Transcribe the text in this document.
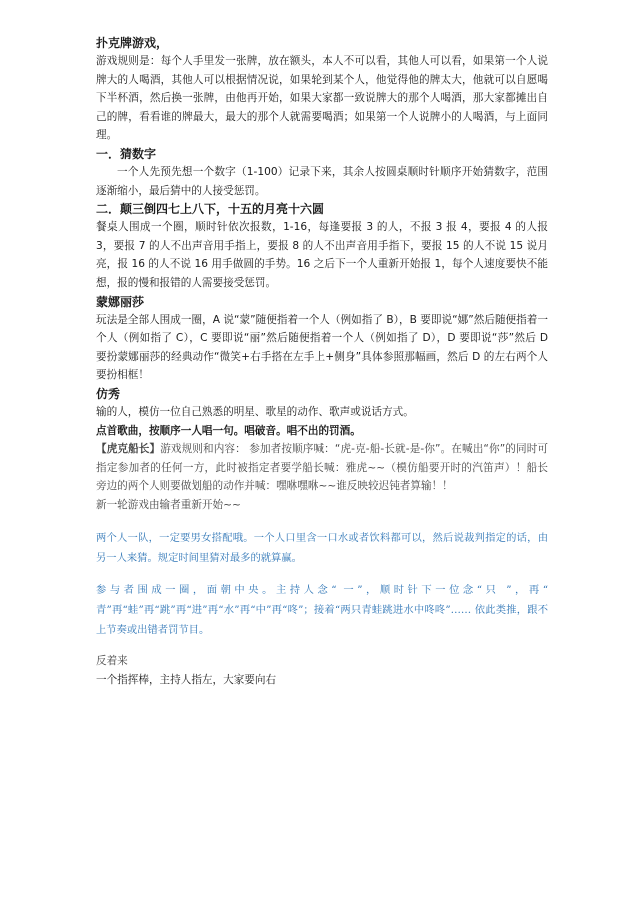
扑克牌游戏，

游戏规则是：每个人手里发一张牌，放在额头，本人不可以看，其他人可以看，如果第一个人说牌大的人喝酒，其他人可以根据情况说，如果轮到某个人，他觉得他的牌太大，他就可以自愿喝下半杯酒，然后换一张牌，由他再开始，如果大家都一致说牌大的那个人喝酒，那大家都摊出自己的牌，看看谁的牌最大，最大的那个人就需要喝酒；如果第一个人说牌小的人喝酒，与上面同理。

一．猜数字

一个人先预先想一个数字（1-100）记录下来，其余人按圆桌顺时针顺序开始猜数字，范围逐渐缩小，最后猜中的人接受惩罚。

二．颠三倒四七上八下，十五的月亮十六圆

餐桌人围成一个圈，顺时针依次报数，1-16，每逢要报 3 的人，不报 3 报 4，要报 4 的人报 3，要报 7 的人不出声音用手指上，要报 8 的人不出声音用手指下，要报 15 的人不说 15 说月亮，报 16 的人不说 16 用手做圆的手势。16 之后下一个人重新开始报 1，每个人速度要快不能想，报的慢和报错的人需要接受惩罚。

蒙娜丽莎

玩法是全部人围成一圈，A 说“蒙”随便指着一个人（例如指了 B），B 要即说“娜”然后随便指着一个人（例如指了 C），C 要即说“丽”然后随便指着一个人（例如指了 D），D 要即说“莎”然后 D 要扮蒙娜丽莎的经典动作“微笑+右手搭在左手上+侧身”具体参照那幅画，然后 D 的左右两个人要扮相框！

仿秀

输的人，模仿一位自己熟悉的明星、歌星的动作、歌声或说话方式。

点首歌曲，按顺序一人唱一句。唱破音。唱不出的罚酒。

【虎克船长】游戏规则和内容： 参加者按顺序喊：“虎-克-船-长就-是-你”。在喊出“你”的同时可指定参加者的任何一方，此时被指定者要学船长喊：雅虎~~（模仿船要开时的汽笛声）！船长旁边的两个人则要做划船的动作并喊：嘿咻嘿咻~~谁反映较迟钝者算输！！

新一轮游戏由输者重新开始~~

两个人一队，一定要男女搭配哦。一个人口里含一口水或者饮料都可以，然后说裁判指定的话，由另一人来猜。规定时间里猜对最多的就算赢。

参与者围成一圈，面朝中央。主持人念“ 一”，顺时针下一位念“只 ”，再“ 青”再“蛙”再“跳”再“进”再“水”再“中”再“咚”；接着“两只青蛙跳进水中咚咚”…… 依此类推，跟不上节奏或出错者罚节目。

反着来

一个指挥棒，主持人指左，大家要向右
